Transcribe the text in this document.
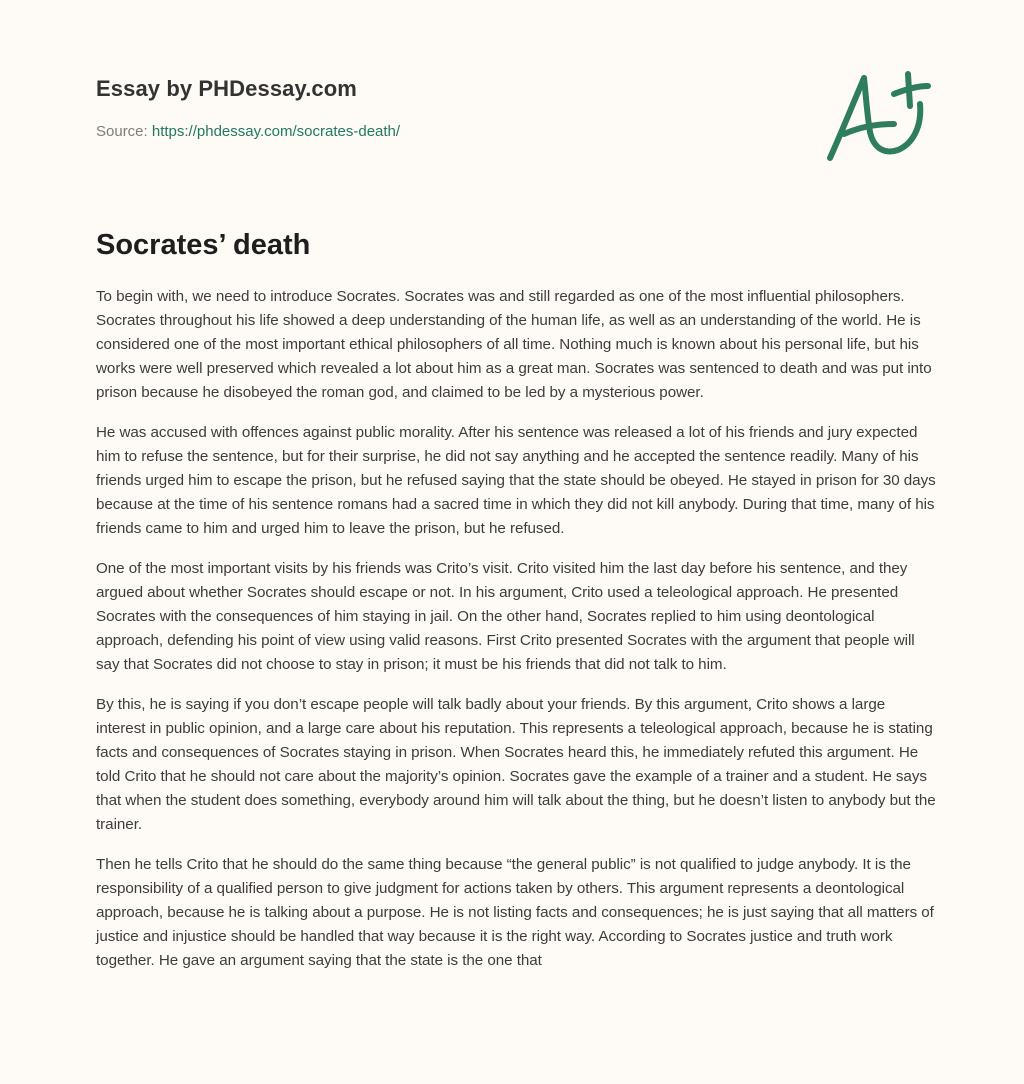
Essay by PHDessay.com
Source: https://phdessay.com/socrates-death/
Socrates’ death

To begin with, we need to introduce Socrates. Socrates was and still regarded as one of the most influential philosophers. Socrates throughout his life showed a deep understanding of the human life, as well as an understanding of the world. He is considered one of the most important ethical philosophers of all time. Nothing much is known about his personal life, but his works were well preserved which revealed a lot about him as a great man. Socrates was sentenced to death and was put into prison because he disobeyed the roman god, and claimed to be led by a mysterious power.

He was accused with offences against public morality. After his sentence was released a lot of his friends and jury expected him to refuse the sentence, but for their surprise, he did not say anything and he accepted the sentence readily. Many of his friends urged him to escape the prison, but he refused saying that the state should be obeyed. He stayed in prison for 30 days because at the time of his sentence romans had a sacred time in which they did not kill anybody. During that time, many of his friends came to him and urged him to leave the prison, but he refused.

One of the most important visits by his friends was Crito’s visit. Crito visited him the last day before his sentence, and they argued about whether Socrates should escape or not. In his argument, Crito used a teleological approach. He presented Socrates with the consequences of him staying in jail. On the other hand, Socrates replied to him using deontological approach, defending his point of view using valid reasons. First Crito presented Socrates with the argument that people will say that Socrates did not choose to stay in prison; it must be his friends that did not talk to him.

By this, he is saying if you don’t escape people will talk badly about your friends. By this argument, Crito shows a large interest in public opinion, and a large care about his reputation. This represents a teleological approach, because he is stating facts and consequences of Socrates staying in prison. When Socrates heard this, he immediately refuted this argument. He told Crito that he should not care about the majority’s opinion. Socrates gave the example of a trainer and a student. He says that when the student does something, everybody around him will talk about the thing, but he doesn’t listen to anybody but the trainer.

Then he tells Crito that he should do the same thing because “the general public” is not qualified to judge anybody. It is the responsibility of a qualified person to give judgment for actions taken by others. This argument represents a deontological approach, because he is talking about a purpose. He is not listing facts and consequences; he is just saying that all matters of justice and injustice should be handled that way because it is the right way. According to Socrates justice and truth work together. He gave an argument saying that the state is the one that
